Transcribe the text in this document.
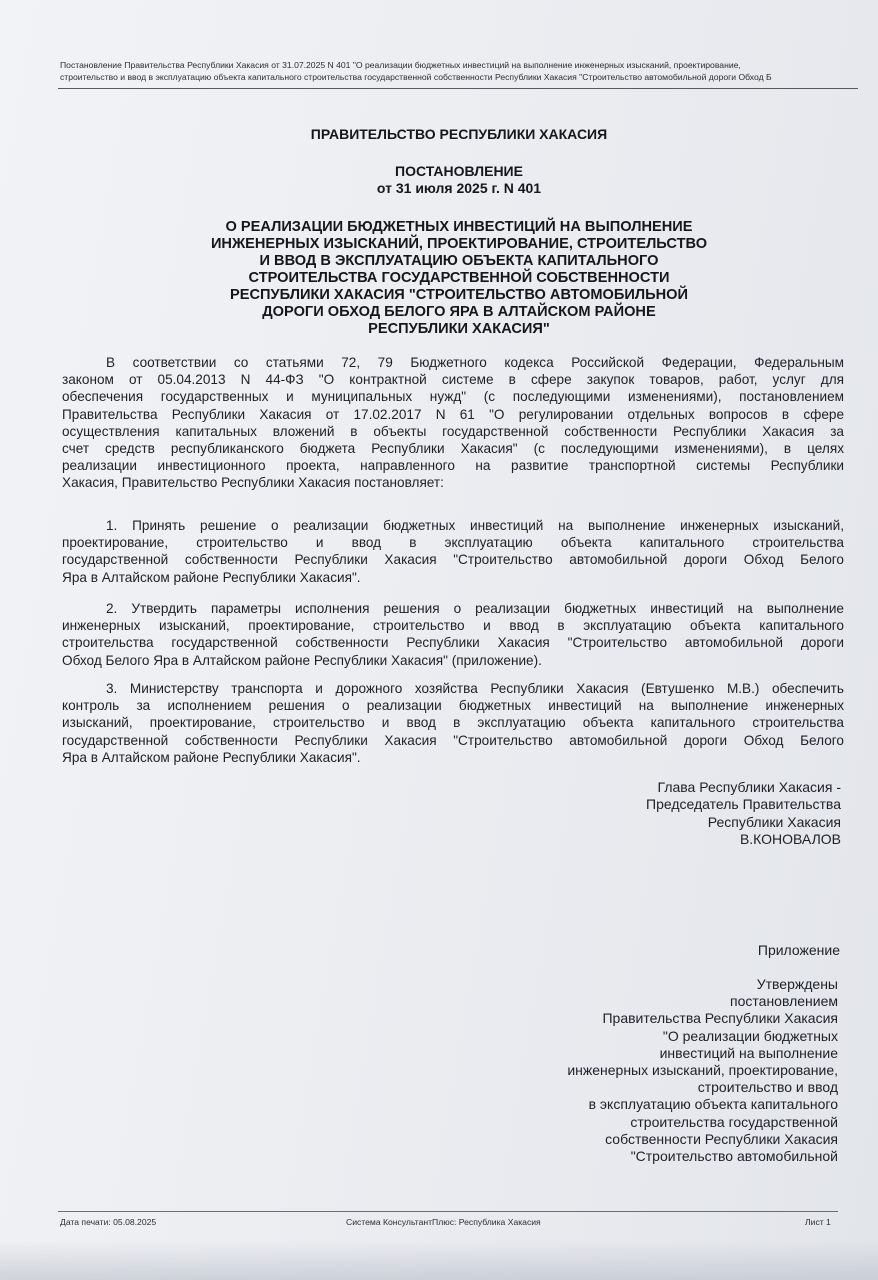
Постановление Правительства Республики Хакасия от 31.07.2025 N 401 "О реализации бюджетных инвестиций на выполнение инженерных изысканий, проектирование,
строительство и ввод в эксплуатацию объекта капитального строительства государственной собственности Республики Хакасия "Строительство автомобильной дороги Обход Б
ПРАВИТЕЛЬСТВО РЕСПУБЛИКИ ХАКАСИЯ
ПОСТАНОВЛЕНИЕ
от 31 июля 2025 г. N 401
О РЕАЛИЗАЦИИ БЮДЖЕТНЫХ ИНВЕСТИЦИЙ НА ВЫПОЛНЕНИЕ
ИНЖЕНЕРНЫХ ИЗЫСКАНИЙ, ПРОЕКТИРОВАНИЕ, СТРОИТЕЛЬСТВО
И ВВОД В ЭКСПЛУАТАЦИЮ ОБЪЕКТА КАПИТАЛЬНОГО
СТРОИТЕЛЬСТВА ГОСУДАРСТВЕННОЙ СОБСТВЕННОСТИ
РЕСПУБЛИКИ ХАКАСИЯ "СТРОИТЕЛЬСТВО АВТОМОБИЛЬНОЙ
ДОРОГИ ОБХОД БЕЛОГО ЯРА В АЛТАЙСКОМ РАЙОНЕ
РЕСПУБЛИКИ ХАКАСИЯ"
В соответствии со статьями 72, 79 Бюджетного кодекса Российской Федерации, Федеральным
законом от 05.04.2013 N 44-ФЗ "О контрактной системе в сфере закупок товаров, работ, услуг для
обеспечения государственных и муниципальных нужд" (с последующими изменениями), постановлением
Правительства Республики Хакасия от 17.02.2017 N 61 "О регулировании отдельных вопросов в сфере
осуществления капитальных вложений в объекты государственной собственности Республики Хакасия за
счет средств республиканского бюджета Республики Хакасия" (с последующими изменениями), в целях
реализации инвестиционного проекта, направленного на развитие транспортной системы Республики
Хакасия, Правительство Республики Хакасия постановляет:
1. Принять решение о реализации бюджетных инвестиций на выполнение инженерных изысканий,
проектирование, строительство и ввод в эксплуатацию объекта капитального строительства
государственной собственности Республики Хакасия "Строительство автомобильной дороги Обход Белого
Яра в Алтайском районе Республики Хакасия".
2. Утвердить параметры исполнения решения о реализации бюджетных инвестиций на выполнение
инженерных изысканий, проектирование, строительство и ввод в эксплуатацию объекта капитального
строительства государственной собственности Республики Хакасия "Строительство автомобильной дороги
Обход Белого Яра в Алтайском районе Республики Хакасия" (приложение).
3. Министерству транспорта и дорожного хозяйства Республики Хакасия (Евтушенко М.В.) обеспечить
контроль за исполнением решения о реализации бюджетных инвестиций на выполнение инженерных
изысканий, проектирование, строительство и ввод в эксплуатацию объекта капитального строительства
государственной собственности Республики Хакасия "Строительство автомобильной дороги Обход Белого
Яра в Алтайском районе Республики Хакасия".
Глава Республики Хакасия -
Председатель Правительства
Республики Хакасия
В.КОНОВАЛОВ
Приложение
Утверждены
постановлением
Правительства Республики Хакасия
"О реализации бюджетных
инвестиций на выполнение
инженерных изысканий, проектирование,
строительство и ввод
в эксплуатацию объекта капитального
строительства государственной
собственности Республики Хакасия
"Строительство автомобильной
Дата печати: 05.08.2025	Система КонсультантПлюс: Республика Хакасия	Лист 1
